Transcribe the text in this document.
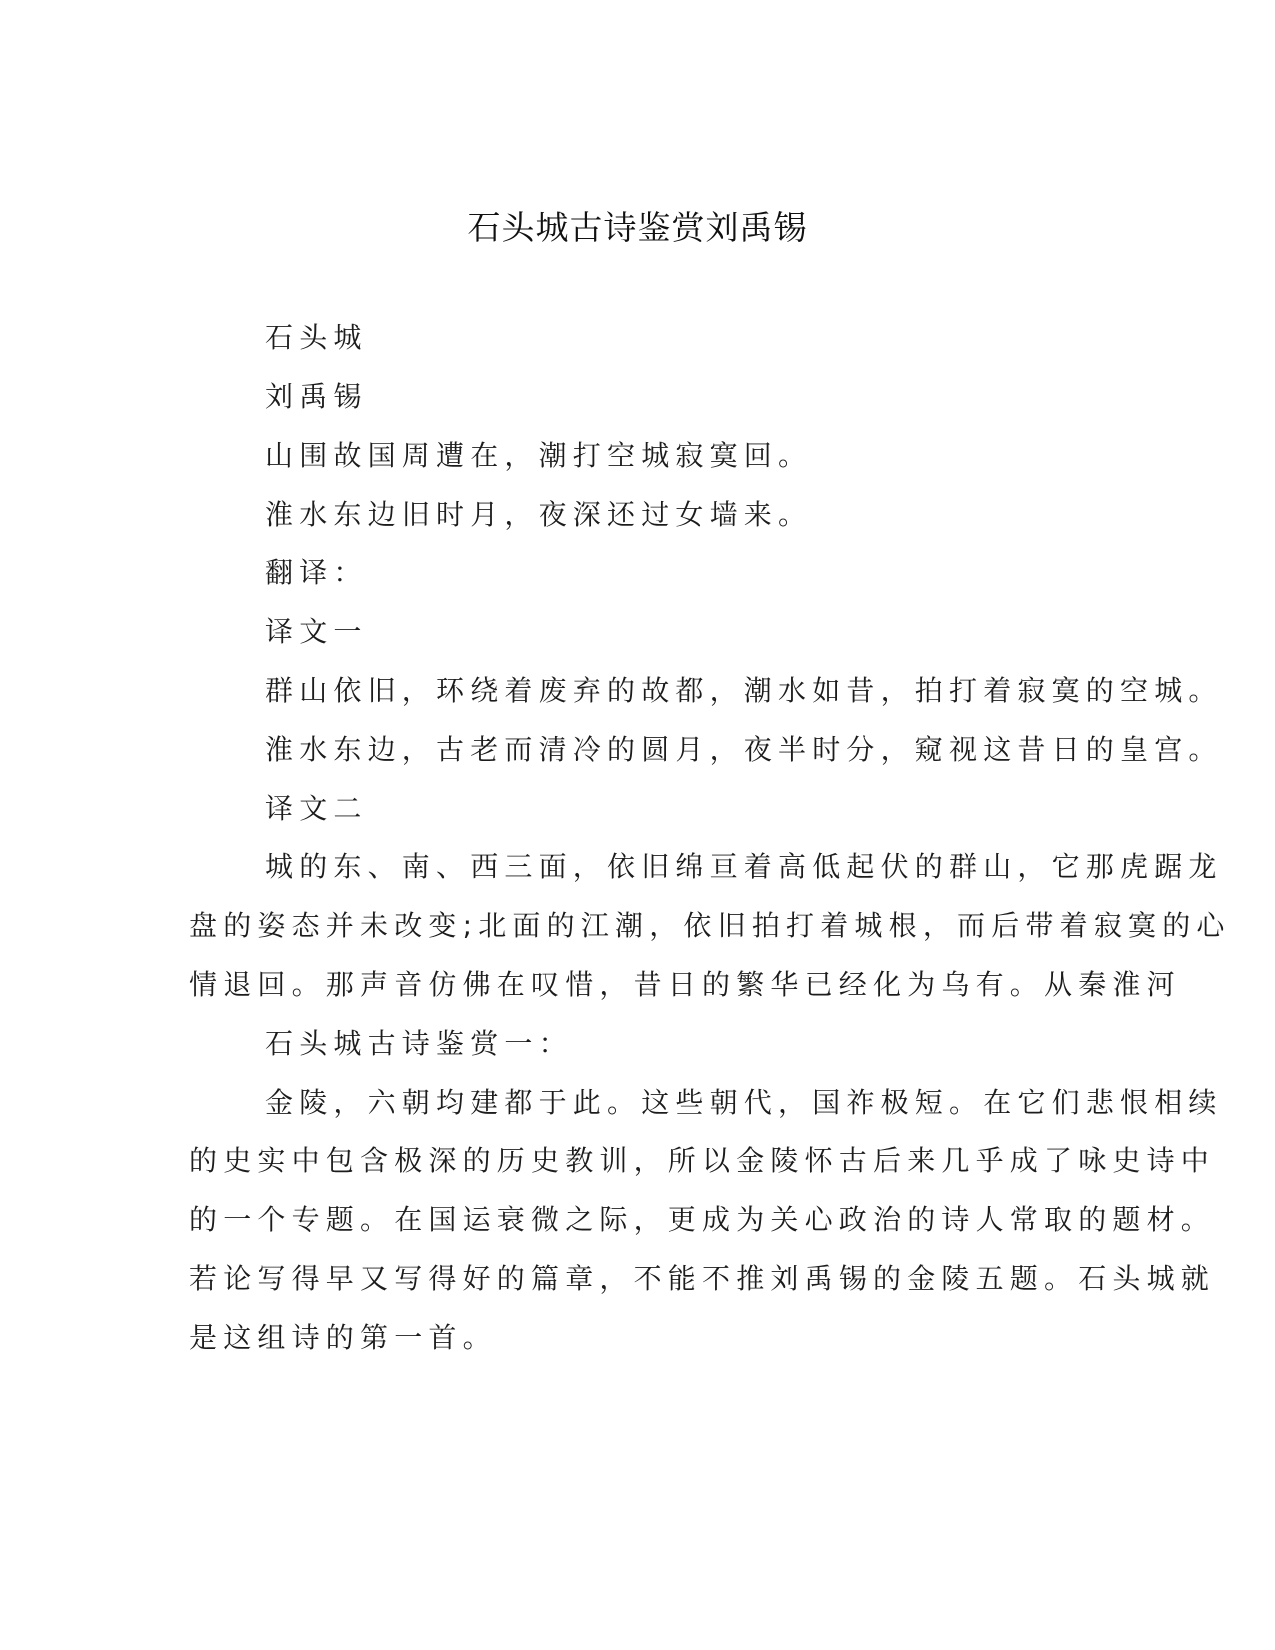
石头城古诗鉴赏刘禹锡
石头城
刘禹锡
山围故国周遭在，潮打空城寂寞回。
淮水东边旧时月，夜深还过女墙来。
翻译：
译文一
群山依旧，环绕着废弃的故都，潮水如昔，拍打着寂寞的空城。
淮水东边，古老而清冷的圆月，夜半时分，窥视这昔日的皇宫。
译文二
城的东、南、西三面，依旧绵亘着高低起伏的群山，它那虎踞龙
盘的姿态并未改变;北面的江潮，依旧拍打着城根，而后带着寂寞的心
情退回。那声音仿佛在叹惜，昔日的繁华已经化为乌有。从秦淮河
石头城古诗鉴赏一：
金陵，六朝均建都于此。这些朝代，国祚极短。在它们悲恨相续
的史实中包含极深的历史教训，所以金陵怀古后来几乎成了咏史诗中
的一个专题。在国运衰微之际，更成为关心政治的诗人常取的题材。
若论写得早又写得好的篇章，不能不推刘禹锡的金陵五题。石头城就
是这组诗的第一首。
